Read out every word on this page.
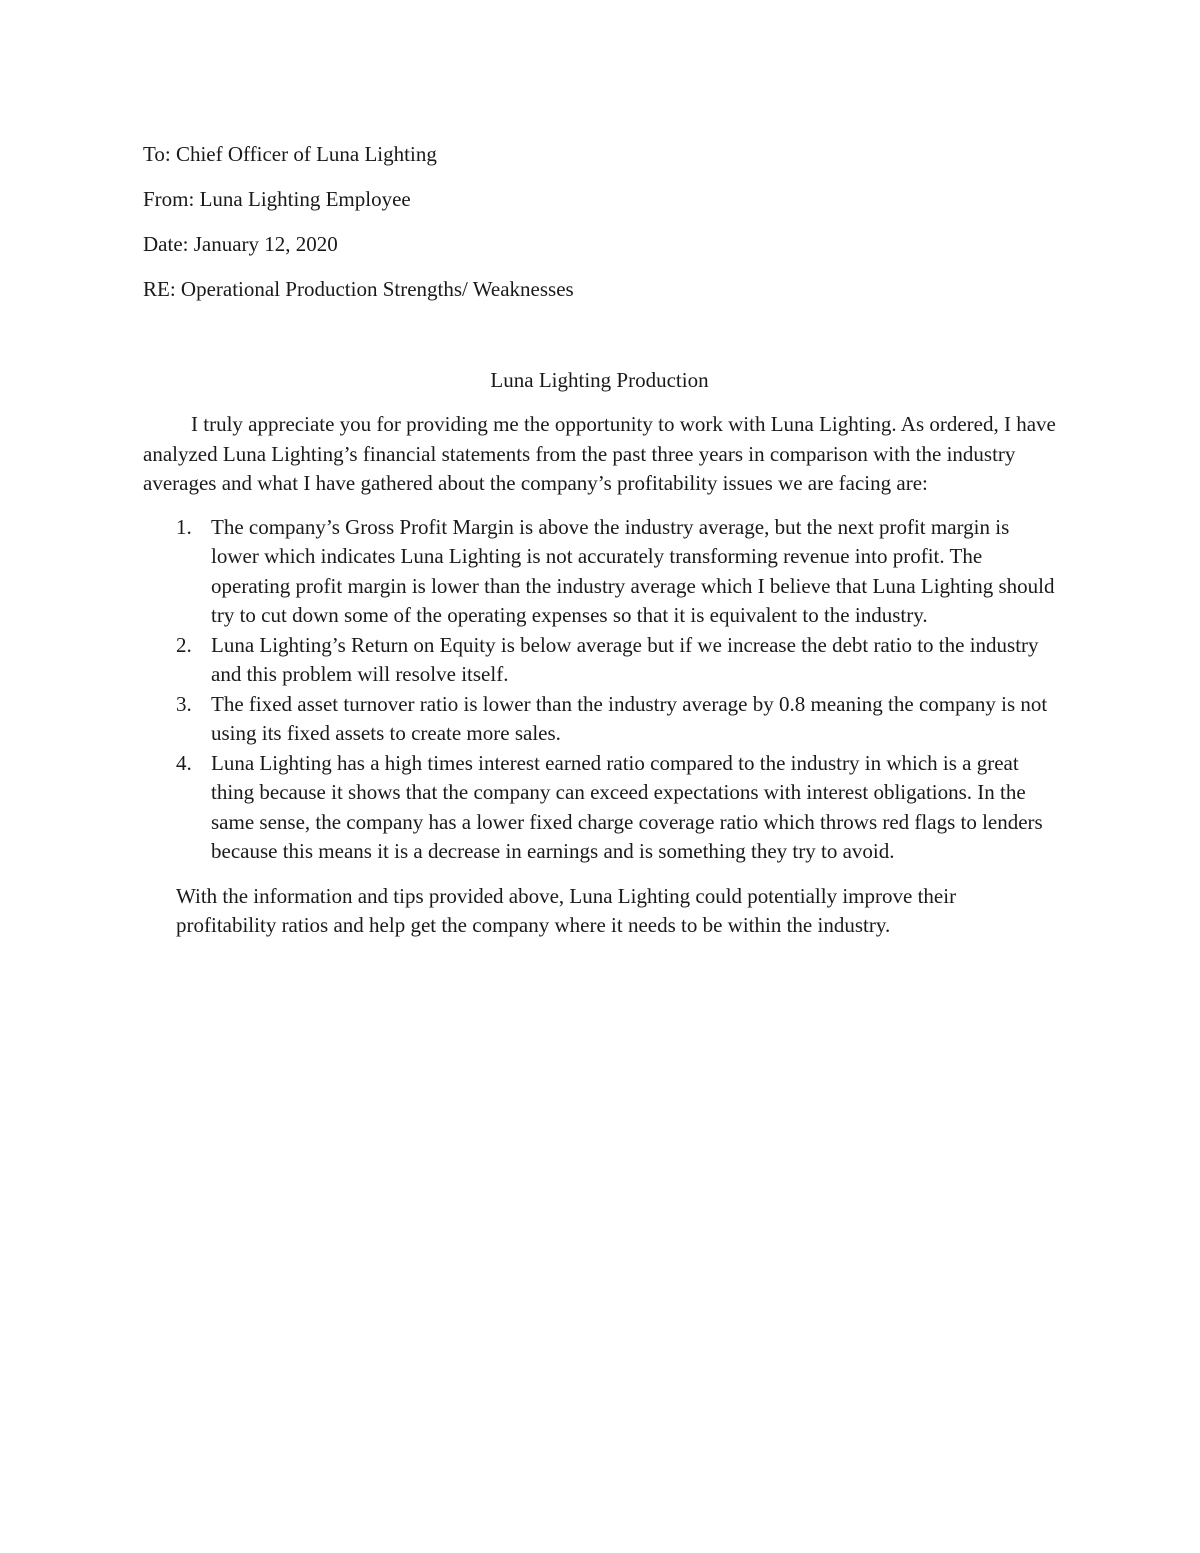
To: Chief Officer of Luna Lighting

From: Luna Lighting Employee

Date: January 12, 2020

RE: Operational Production Strengths/ Weaknesses

Luna Lighting Production

I truly appreciate you for providing me the opportunity to work with Luna Lighting. As ordered, I have analyzed Luna Lighting’s financial statements from the past three years in comparison with the industry averages and what I have gathered about the company’s profitability issues we are facing are:

1. The company’s Gross Profit Margin is above the industry average, but the next profit margin is lower which indicates Luna Lighting is not accurately transforming revenue into profit. The operating profit margin is lower than the industry average which I believe that Luna Lighting should try to cut down some of the operating expenses so that it is equivalent to the industry.
2. Luna Lighting’s Return on Equity is below average but if we increase the debt ratio to the industry and this problem will resolve itself.
3. The fixed asset turnover ratio is lower than the industry average by 0.8 meaning the company is not using its fixed assets to create more sales.
4. Luna Lighting has a high times interest earned ratio compared to the industry in which is a great thing because it shows that the company can exceed expectations with interest obligations. In the same sense, the company has a lower fixed charge coverage ratio which throws red flags to lenders because this means it is a decrease in earnings and is something they try to avoid.

With the information and tips provided above, Luna Lighting could potentially improve their profitability ratios and help get the company where it needs to be within the industry.
